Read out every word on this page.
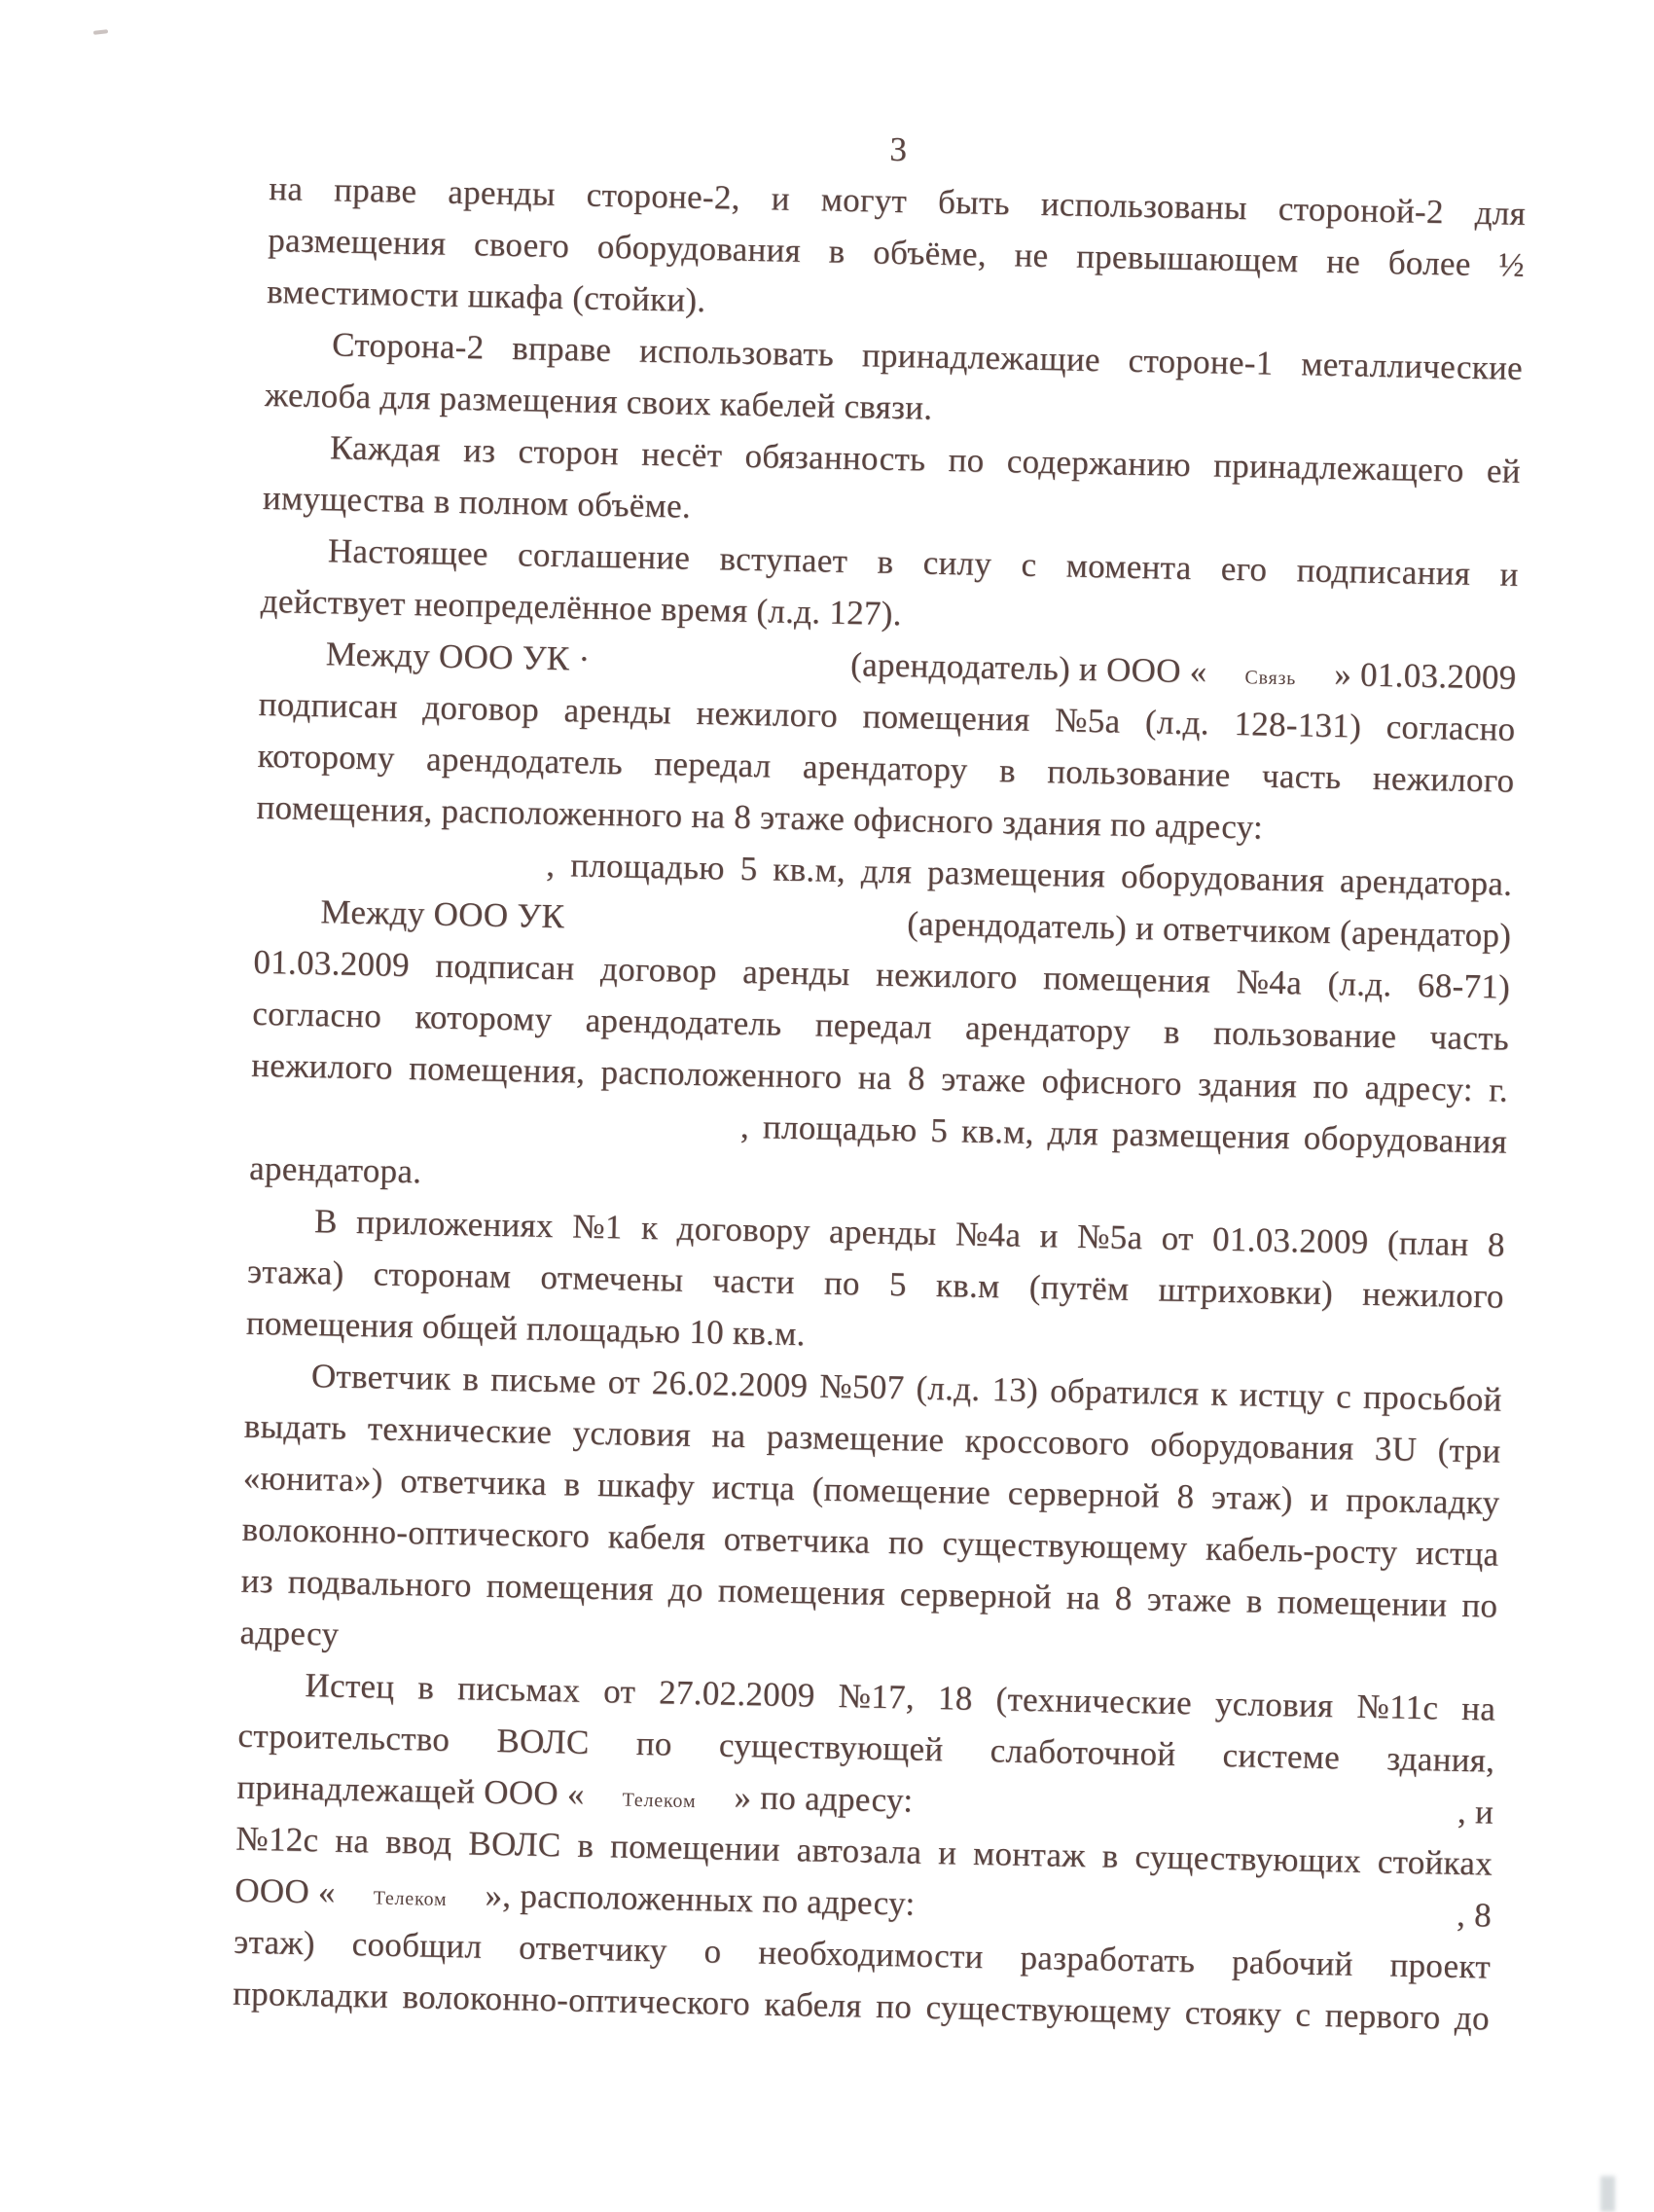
3
на праве аренды стороне-2, и могут быть использованы стороной-2 для
размещения своего оборудования в объёме, не превышающем не более ½
вместимости шкафа (стойки).
Сторона-2 вправе использовать принадлежащие стороне-1 металлические
желоба для размещения своих кабелей связи.
Каждая из сторон несёт обязанность по содержанию принадлежащего ей
имущества в полном объёме.
Настоящее соглашение вступает в силу с момента его подписания и
действует неопределённое время (л.д. 127).
Между ООО УК ·	(арендодатель) и ООО « Связь » 01.03.2009
подписан договор аренды нежилого помещения №5а (л.д. 128-131) согласно
которому арендодатель передал арендатору в пользование часть нежилого
помещения, расположенного на 8 этаже офисного здания по адресу:
, площадью 5 кв.м, для размещения оборудования арендатора.
Между ООО УК	(арендодатель) и ответчиком (арендатор)
01.03.2009 подписан договор аренды нежилого помещения №4а (л.д. 68-71)
согласно которому арендодатель передал арендатору в пользование часть
нежилого помещения, расположенного на 8 этаже офисного здания по адресу: г.
, площадью 5 кв.м, для размещения оборудования
арендатора.
В приложениях №1 к договору аренды №4а и №5а от 01.03.2009 (план 8
этажа) сторонам отмечены части по 5 кв.м (путём штриховки) нежилого
помещения общей площадью 10 кв.м.
Ответчик в письме от 26.02.2009 №507 (л.д. 13) обратился к истцу с просьбой
выдать технические условия на размещение кроссового оборудования 3U (три
«юнита») ответчика в шкафу истца (помещение серверной 8 этаж) и прокладку
волоконно-оптического кабеля ответчика по существующему кабель-росту истца
из подвального помещения до помещения серверной на 8 этаже в помещении по
адресу
Истец в письмах от 27.02.2009 №17, 18 (технические условия №11с на
строительство ВОЛС по существующей слаботочной системе здания,
принадлежащей ООО « Телеком » по адресу:	, и
№12с на ввод ВОЛС в помещении автозала и монтаж в существующих стойках
ООО « Телеком », расположенных по адресу:	, 8
этаж) сообщил ответчику о необходимости разработать рабочий проект
прокладки волоконно-оптического кабеля по существующему стояку с первого до
